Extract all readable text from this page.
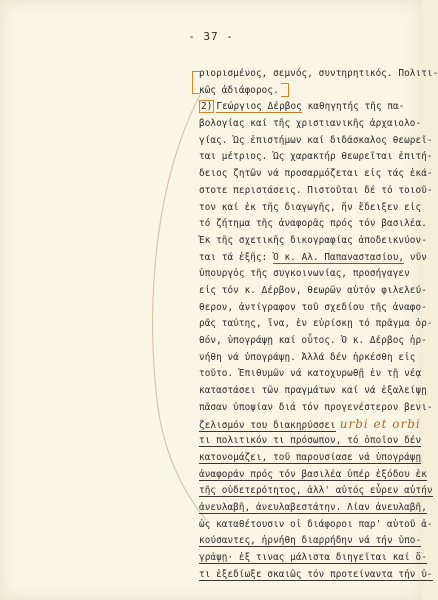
- 37 -
ριορισμένος, σεμνός, συντηρητικός. Πολιτι-
κῶς ἀδιάφορος.
2) Γεώργιος Δέρβος καθηγητής τῆς πα-
βολογίας καί τῆς χριστιανικῆς ἀρχαιολο-
γίας. Ὡς ἐπιστήμων καί διδάσκαλος θεωρεῖ-
ται μέτριος. Ὡς χαρακτήρ θεωρεῖται ἐπιτή-
δειος ζητῶν νά προσαρμόζεται εἰς τάς ἑκά-
στοτε περιστάσεις. Πιστοῦται δέ τό τοιοῦ-
τον καί ἐκ τῆς διαγωγῆς, ἥν ἔδειξεν εἰς
τό ζήτημα τῆς ἀναφορᾶς πρός τόν βασιλέα.
Ἐκ τῆς σχετικῆς δικογραφίας ἀποδεικνύον-
ται τά ἑξῆς: Ὁ κ. Αλ. Παπαναστασίου, νῦν
ὑπουργός τῆς συγκοινωνίας, προσήγαγεν
εἰς τόν κ. Δέρβον, θεωρῶν αὐτόν φιλελεύ-
θερον, ἀντίγραφον τοῦ σχεδίου τῆς ἀναφο-
ρᾶς ταύτης, ἵνα, ἐν εὑρίσκῃ τό πρᾶγμα ὀρ-
θόν, ὑπογράψῃ καί οὗτος. Ὁ κ. Δέρβος ἠρ-
νήθη νά ὑπογράψῃ. Ἀλλά δέν ἠρκέσθη εἰς
τοῦτο. Ἐπιθυμῶν νά κατοχυρωθῇ ἐν τῇ νέᾳ
καταστάσει τῶν πραγμάτων καί νά ἐξαλείψῃ
πᾶσαν ὑποψίαν διά τόν προγενέστερον βενι-
ζελισμόν του διακηρύσσει urbi et orbi
τι πολιτικόν τι πρόσωπον, τό ὁποῖον δέν
κατονομάζει, τοῦ παρουσίασε νά ὑπογράψῃ
ἀναφοράν πρός τόν βασιλέα ὑπέρ ἐξόδου ἐκ
τῆς οὐδετερότητος, ἀλλ' αὐτός εὗρεν αὐτήν
ἀνευλαβῆ, ἀνευλαβεστάτην. Λίαν ἀνευλαβῆ,
ὡς καταθέτουσιν οἱ διάφοροι παρ' αὐτοῦ ἀ-
κούσαντες, ἠρνήθη διαρρήδην νά τήν ὑπο-
γράψῃ· ἐξ τινας μάλιστα διηγεῖται καί ὅ-
τι ἐξεδίωξε σκαιῶς τόν προτείναντα τήν ὑ-
